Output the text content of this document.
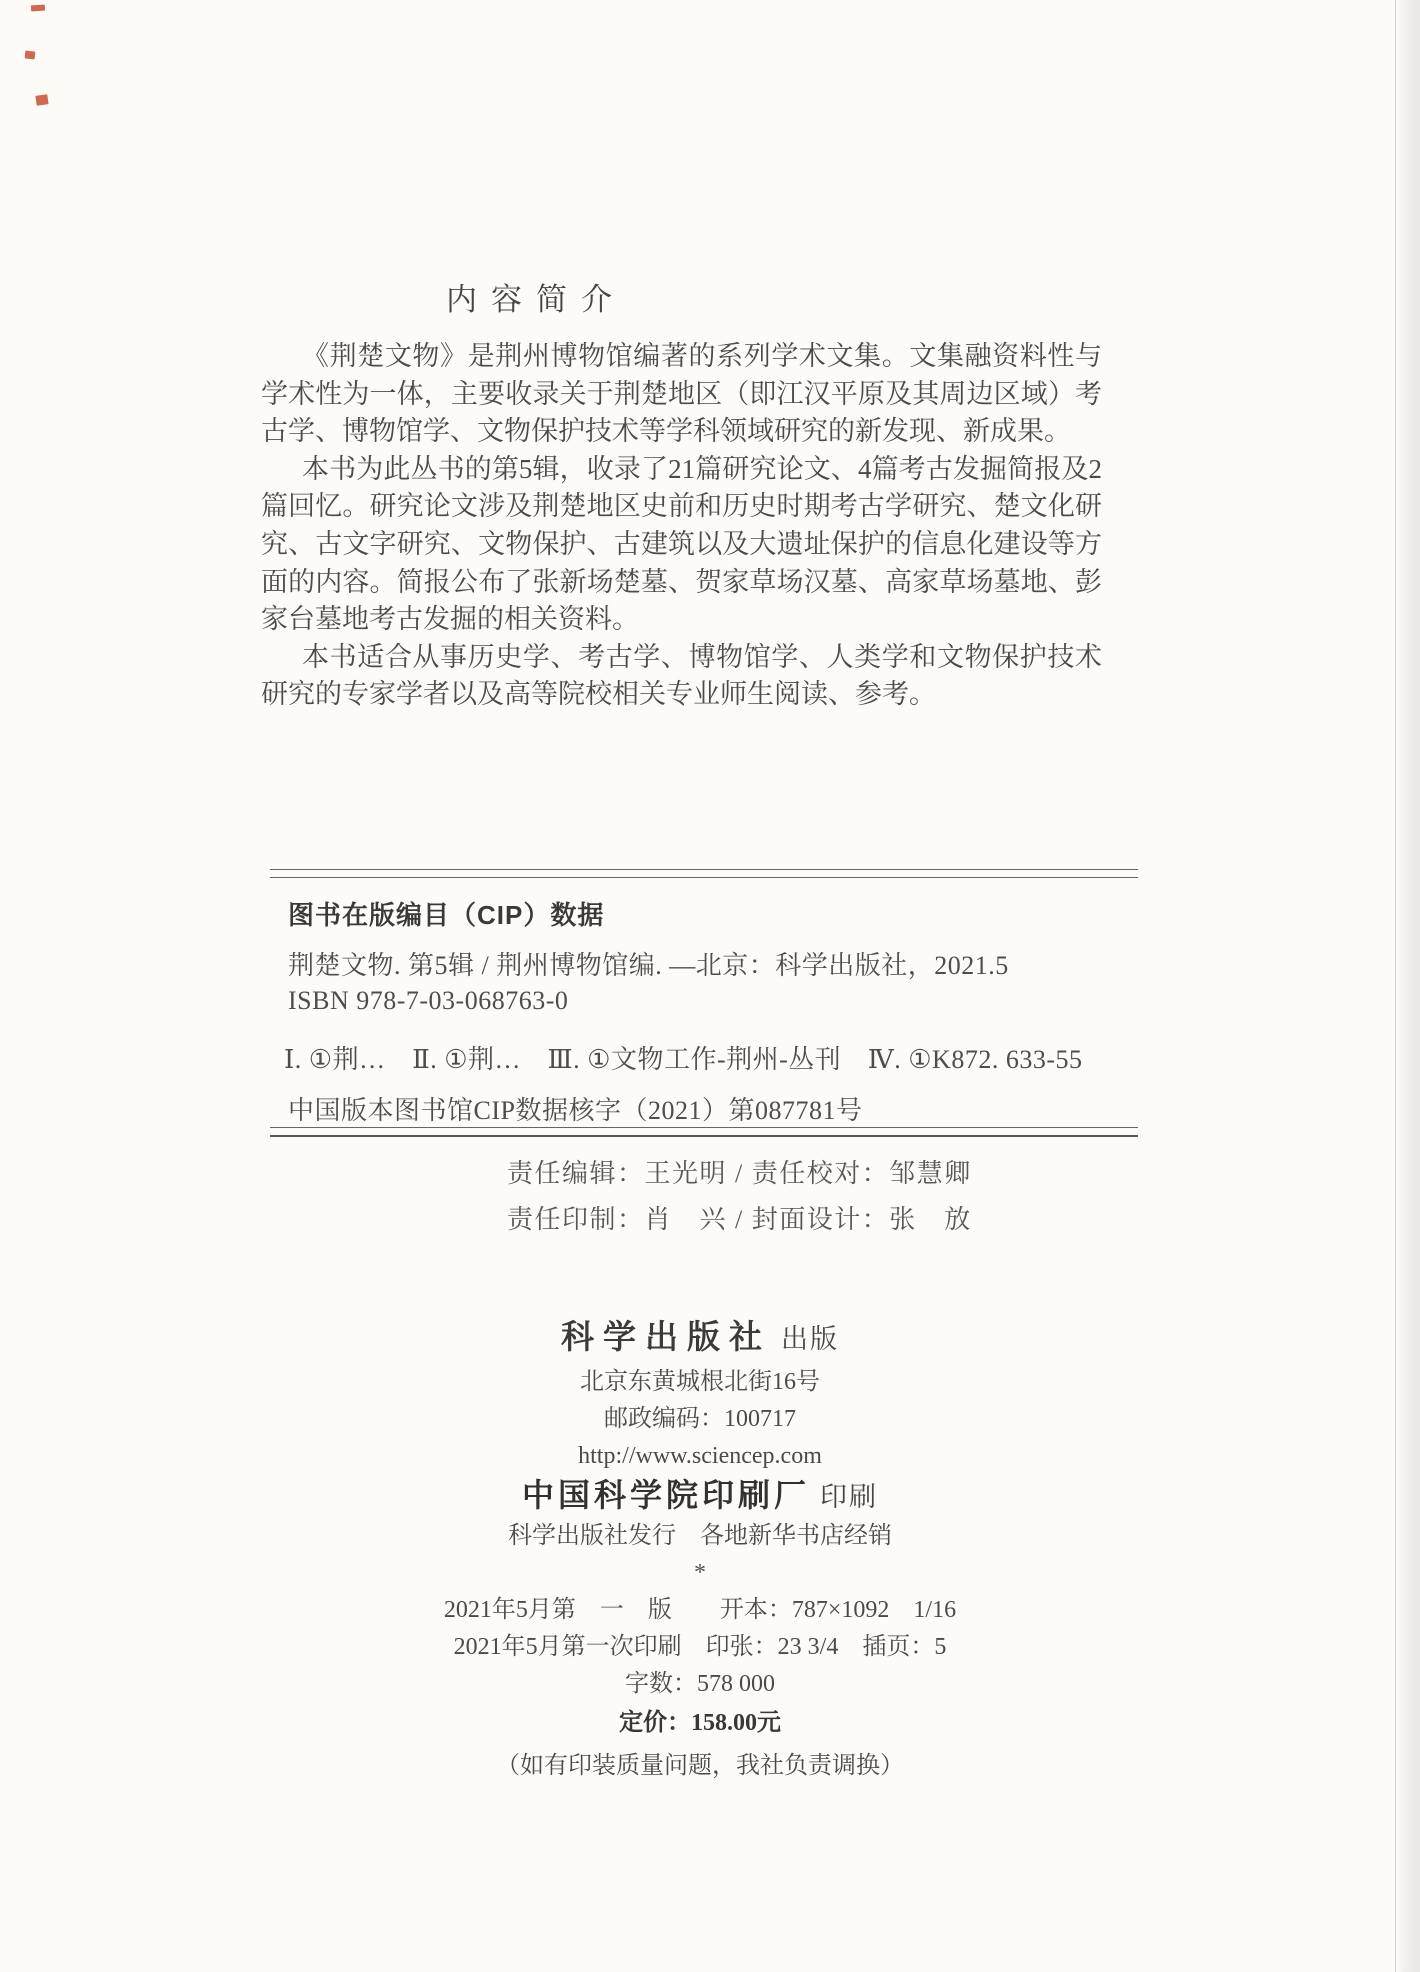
内容简介

《荆楚文物》是荆州博物馆编著的系列学术文集。文集融资料性与学术性为一体，主要收录关于荆楚地区（即江汉平原及其周边区域）考古学、博物馆学、文物保护技术等学科领域研究的新发现、新成果。

本书为此丛书的第5辑，收录了21篇研究论文、4篇考古发掘简报及2篇回忆。研究论文涉及荆楚地区史前和历史时期考古学研究、楚文化研究、古文字研究、文物保护、古建筑以及大遗址保护的信息化建设等方面的内容。简报公布了张新场楚墓、贺家草场汉墓、高家草场墓地、彭家台墓地考古发掘的相关资料。

本书适合从事历史学、考古学、博物馆学、人类学和文物保护技术研究的专家学者以及高等院校相关专业师生阅读、参考。

图书在版编目（CIP）数据
荆楚文物. 第5辑 / 荆州博物馆编. —北京：科学出版社，2021.5
ISBN 978-7-03-068763-0
Ⅰ. ①荆…　Ⅱ. ①荆…　Ⅲ. ①文物工作-荆州-丛刊　Ⅳ. ①K872. 633-55
中国版本图书馆CIP数据核字（2021）第087781号
责任编辑：王光明 / 责任校对：邹慧卿
责任印制：肖　兴 / 封面设计：张　放
科学出版社 出版
北京东黄城根北街16号
邮政编码：100717
http://www.sciencep.com
中国科学院印刷厂 印刷
科学出版社发行　各地新华书店经销
*
2021年5月第　一　版　　开本：787×1092　1/16
2021年5月第一次印刷　印张：23 3/4　插页：5
字数：578 000
定价：158.00元
（如有印装质量问题，我社负责调换）
